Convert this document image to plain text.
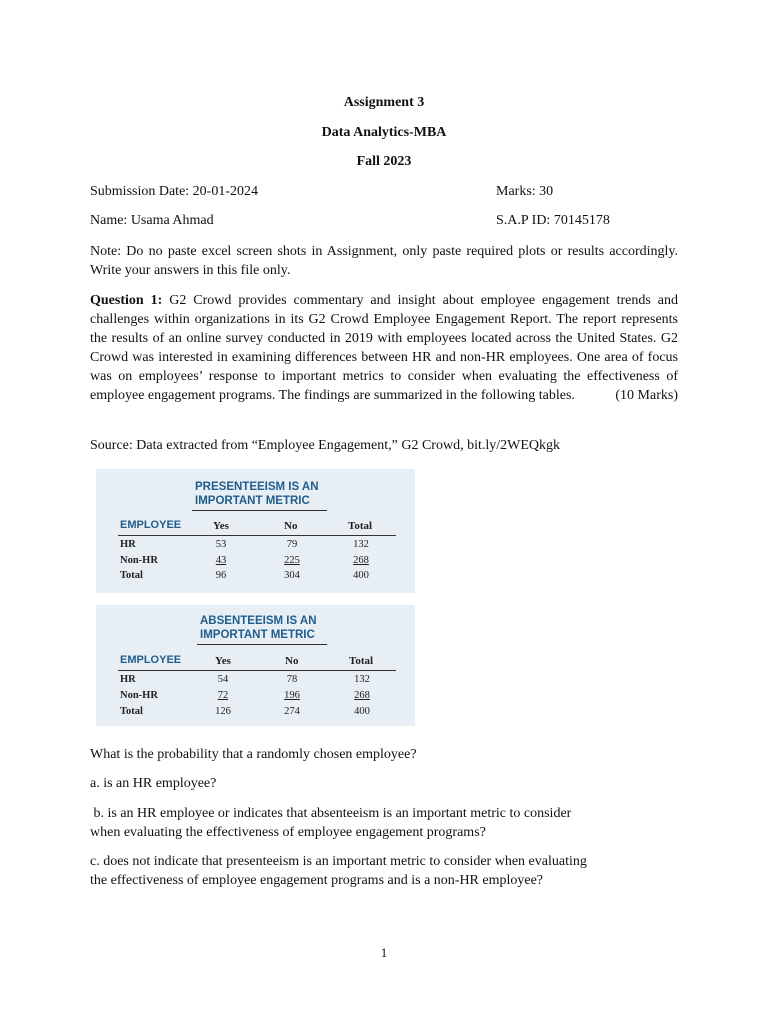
Assignment 3
Data Analytics-MBA
Fall 2023
Submission Date: 20-01-2024	Marks: 30
Name: Usama Ahmad	S.A.P ID: 70145178
Note: Do no paste excel screen shots in Assignment, only paste required plots or results accordingly. Write your answers in this file only.
Question 1: G2 Crowd provides commentary and insight about employee engagement trends and challenges within organizations in its G2 Crowd Employee Engagement Report. The report represents the results of an online survey conducted in 2019 with employees located across the United States. G2 Crowd was interested in examining differences between HR and non-HR employees. One area of focus was on employees’ response to important metrics to consider when evaluating the effectiveness of employee engagement programs. The findings are summarized in the following tables.	(10 Marks)
Source: Data extracted from “Employee Engagement,” G2 Crowd, bit.ly/2WEQkgk
PRESENTEEISM IS AN
IMPORTANT METRIC
EMPLOYEE	Yes	No	Total
HR	53	79	132
Non-HR	43	225	268
Total	96	304	400
ABSENTEEISM IS AN
IMPORTANT METRIC
EMPLOYEE	Yes	No	Total
HR	54	78	132
Non-HR	72	196	268
Total	126	274	400
What is the probability that a randomly chosen employee?
a. is an HR employee?
b. is an HR employee or indicates that absenteeism is an important metric to consider
when evaluating the effectiveness of employee engagement programs?
c. does not indicate that presenteeism is an important metric to consider when evaluating
the effectiveness of employee engagement programs and is a non-HR employee?
1
